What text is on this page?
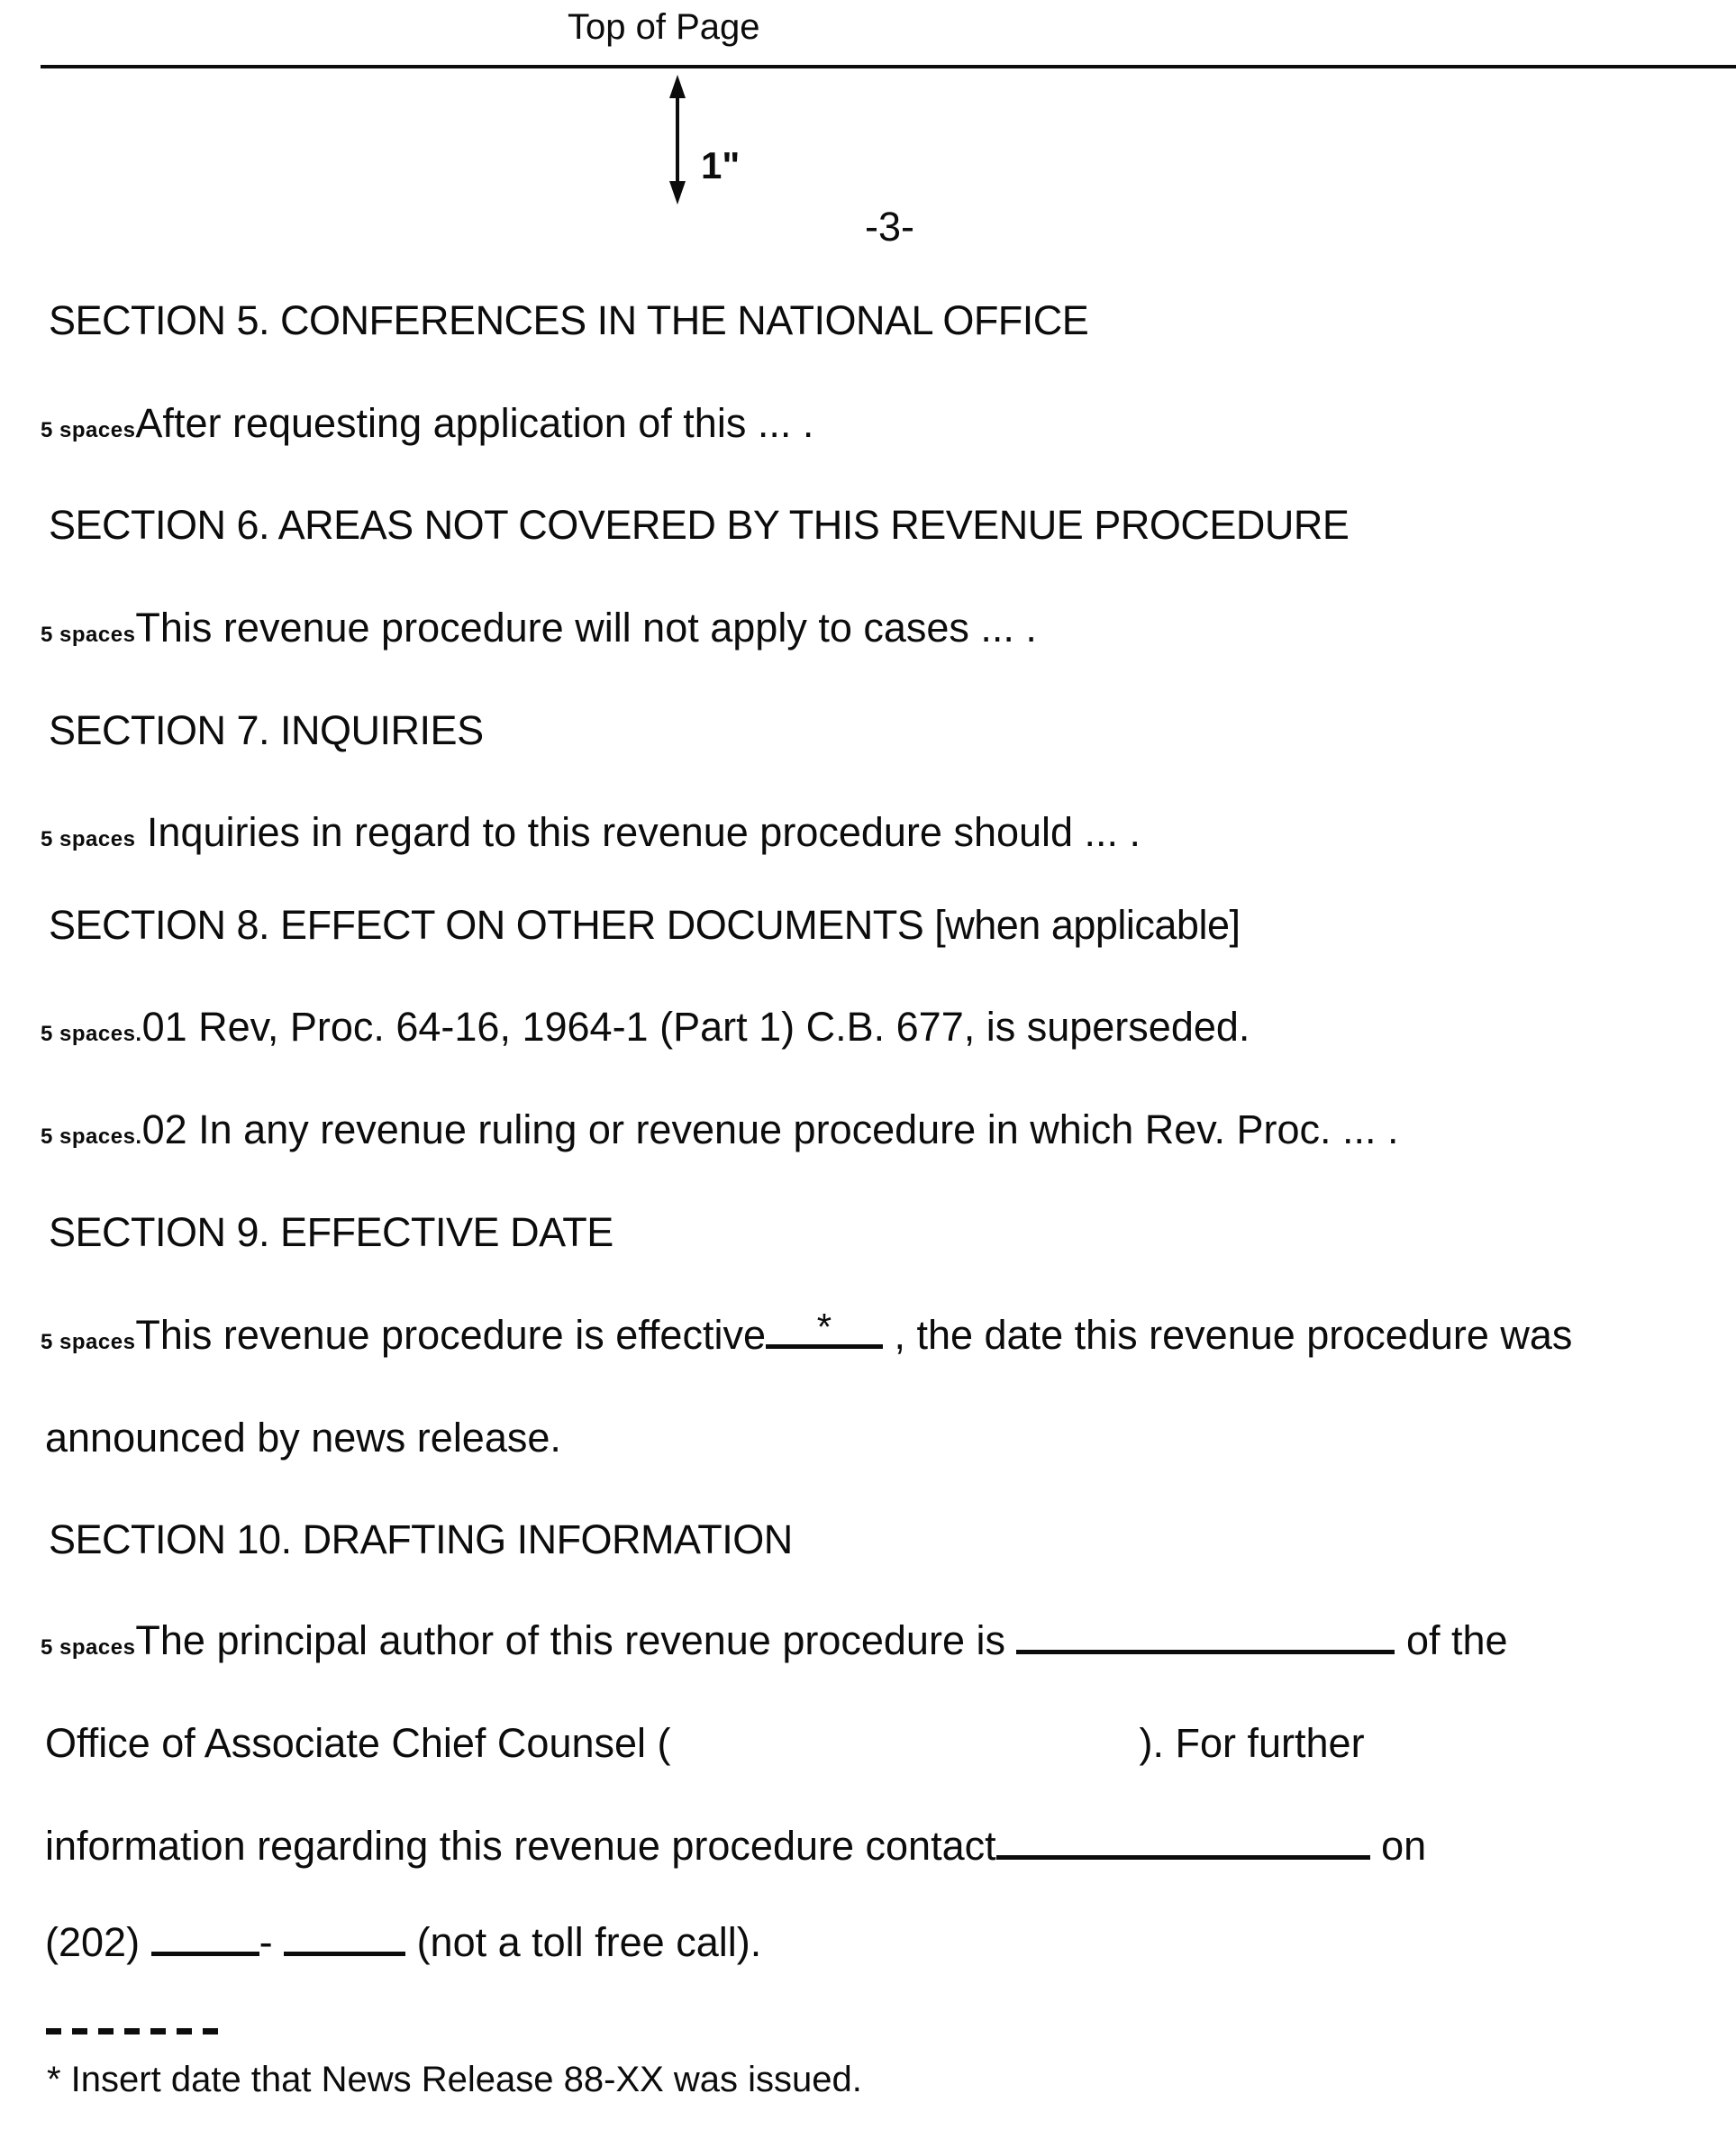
Top of Page
1"
-3-
SECTION 5. CONFERENCES IN THE NATIONAL OFFICE
5 spacesAfter requesting application of this ... .
SECTION 6. AREAS NOT COVERED BY THIS REVENUE PROCEDURE
5 spacesThis revenue procedure will not apply to cases ... .
SECTION 7. INQUIRIES
5 spaces Inquiries in regard to this revenue procedure should ... .
SECTION 8. EFFECT ON OTHER DOCUMENTS [when applicable]
5 spaces.01 Rev, Proc. 64-16, 1964-1 (Part 1) C.B. 677, is superseded.
5 spaces.02 In any revenue ruling or revenue procedure in which Rev. Proc. ... .
SECTION 9. EFFECTIVE DATE
5 spacesThis revenue procedure is effective * , the date this revenue procedure was
announced by news release.
SECTION 10. DRAFTING INFORMATION
5 spacesThe principal author of this revenue procedure is	of the
Office of Associate Chief Counsel (	). For further
information regarding this revenue procedure contact	on
(202)	-	(not a toll free call).
* Insert date that News Release 88-XX was issued.
